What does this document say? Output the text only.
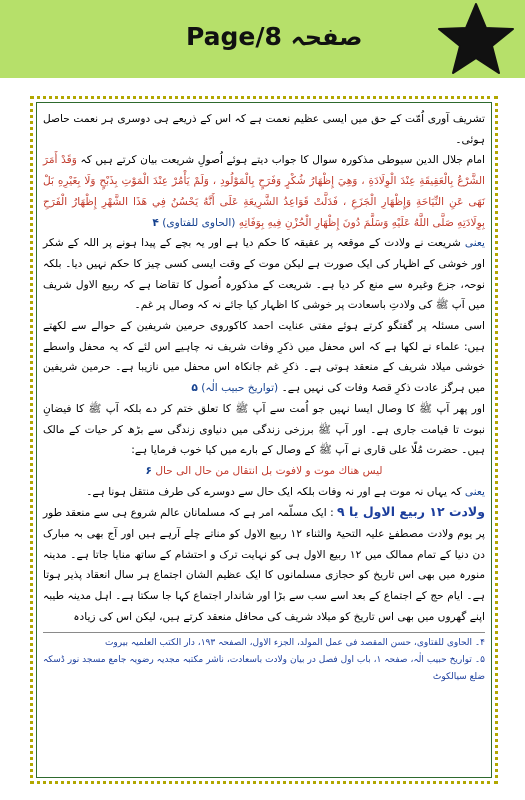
Page/8 صفحہ

تشریف آوری اُمّت کے حق میں ایسی عظیم نعمت ہے کہ اس کے ذریعے ہی دوسری ہر نعمت حاصل ہوئی۔

امام جلال الدین سیوطی مذکورہ سوال کا جواب دیتے ہوئے اُصولِ شریعت بیان کرتے ہیں کہ وَقَدْ أَمَرَ الشَّرْعُ بِالْعَقِيقَةِ عِنْدَ الْوِلَادَةِ ، وَهِيَ إِظْهَارُ شُكْرٍ وَفَرَحٍ بِالْمَوْلُودِ ، وَلَمْ يَأْمُرْ عِنْدَ الْمَوْتِ بِذَبْحٍ وَلَا بِغَيْرِهِ بَلْ نَهَى عَنِ النِّيَاحَةِ وَإِظْهَارِ الْجَزَعِ ، فَدَلَّتْ قَوَاعِدُ الشَّرِيعَةِ عَلَى أَنَّهُ يَحْسُنُ فِي هَذَا الشَّهْرِ إِظْهَارُ الْفَرَحِ بِوِلَادَتِهِ صَلَّى اللَّهُ عَلَيْهِ وَسَلَّمَ دُونَ إِظْهَارِ الْحُزْنِ فِيهِ بِوَفَاتِهِ (الحاوی للفتاوی) ۴

یعنی شریعت نے ولادت کے موقعہ پر عقیقہ کا حکم دیا ہے اور یہ بچے کے پیدا ہونے پر اللہ کے شکر اور خوشی کے اظہار کی ایک صورت ہے لیکن موت کے وقت ایسی کسی چیز کا حکم نہیں دیا۔ بلکہ نوحہ، جزع وغیرہ سے منع کر دیا ہے۔ شریعت کے مذکورہ اُصول کا تقاضا ہے کہ ربیع الاول شریف میں آپ ﷺ کی ولادتِ باسعادت پر خوشی کا اظہار کیا جائے نہ کہ وصال پر غم۔

اسی مسئلہ پر گفتگو کرتے ہوئے مفتی عنایت احمد کاکوروی حرمین شریفین کے حوالے سے لکھتے ہیں: علماء نے لکھا ہے کہ اس محفل میں ذکرِ وفات شریف نہ چاہیے اس لئے کہ یہ محفل واسطے خوشی میلاد شریف کے منعقد ہوتی ہے۔ ذکرِ غم جانکاہ اس محفل میں نازیبا ہے۔ حرمین شریفین میں ہرگز عادت ذکرِ قصۂ وفات کی نہیں ہے۔ (تواریخ حبیب الٰہ) ۵

اور پھر آپ ﷺ کا وصال ایسا نہیں جو اُمت سے آپ ﷺ کا تعلق ختم کر دے بلکہ آپ ﷺ کا فیضانِ نبوت تا قیامت جاری ہے۔ اور آپ ﷺ برزخی زندگی میں دنیاوی زندگی سے بڑھ کر حیات کے مالک ہیں۔ حضرت مُلّا علی قاری نے آپ ﷺ کے وصال کے بارے میں کیا خوب فرمایا ہے:

لیس هناك موت و لافوت بل انتقال من حال الی حال ۶

یعنی کہ یہاں نہ موت ہے اور نہ وفات بلکہ ایک حال سے دوسرے کی طرف منتقل ہونا ہے۔

ولادت ۱۲ ربیع الاول یا ۹ : ایک مسلّمہ امر ہے کہ مسلمانان عالم شروع ہی سے منعقد طور پر یوم ولادت مصطفےٰ علیہ التحیۃ والثناء ۱۲ ربیع الاول کو مناتے چلے آرہے ہیں اور آج بھی بہ مبارک دن دنیا کے تمام ممالک میں ۱۲ ربیع الاول ہی کو نہایت ترک و احتشام کے ساتھ منایا جاتا ہے۔ مدینہ منورہ میں بھی اس تاریخ کو حجازی مسلمانوں کا ایک عظیم الشان اجتماع ہر سال انعقاد پذیر ہوتا ہے۔ ایام حج کے اجتماع کے بعد اسے سب سے بڑا اور شاندار اجتماع کہا جا سکتا ہے۔ اہل مدینہ طیبہ اپنے گھروں میں بھی اس تاریخ کو میلاد شریف کی محافل منعقد کرتے ہیں، لیکن اس کی زیادہ

۴۔ الحاوی للفتاوی، حسن المقصد فی عمل المولد، الجزء الاول، الصفحہ ۱۹۳، دار الکتب العلمیہ بیروت

۵۔ تواریخ حبیب الٰہ، صفحہ ۱، باب اول فصل در بیان ولادت باسعادت، ناشر مکتبہ مجدیہ رضویہ جامع مسجد نور ڈسکہ ضلع سیالکوٹ
